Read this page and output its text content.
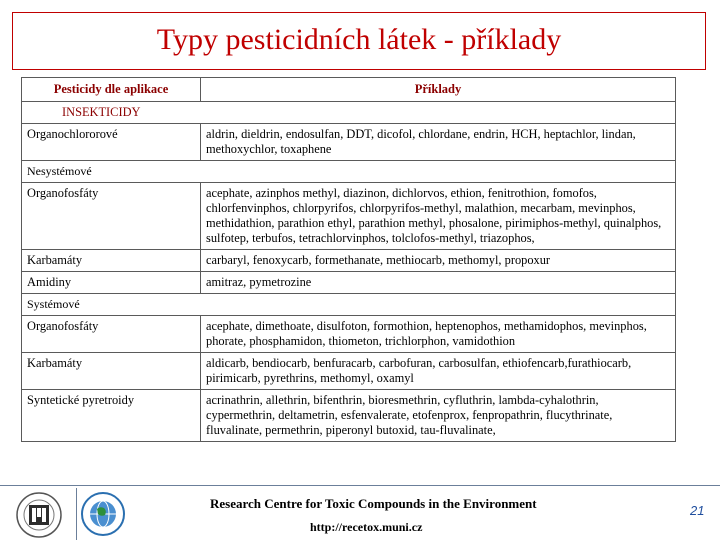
Typy pesticidních látek - příklady
Pesticidy dle aplikace	Příklady
INSEKTICIDY	
Organochlororové	aldrin, dieldrin, endosulfan, DDT, dicofol, chlordane, endrin, HCH, heptachlor, lindan, methoxychlor, toxaphene
Nesystémové	
Organofosfáty	acephate, azinphos methyl, diazinon, dichlorvos, ethion, fenitrothion, fomofos, chlorfenvinphos, chlorpyrifos, chlorpyrifos-methyl, malathion, mecarbam, mevinphos, methidathion, parathion ethyl, parathion methyl, phosalone, pirimiphos-methyl, quinalphos, sulfotep, terbufos, tetrachlorvinphos, tolclofos-methyl, triazophos,
Karbamáty	carbaryl, fenoxycarb, formethanate, methiocarb, methomyl, propoxur
Amidiny	amitraz, pymetrozine
Systémové	
Organofosfáty	acephate, dimethoate, disulfoton, formothion, heptenophos, methamidophos, mevinphos, phorate, phosphamidon, thiometon, trichlorphon, vamidothion
Karbamáty	aldicarb, bendiocarb, benfuracarb, carbofuran, carbosulfan, ethiofencarb,furathiocarb, pirimicarb, pyrethrins, methomyl, oxamyl
Syntetické pyretroidy	acrinathrin, allethrin, bifenthrin, bioresmethrin, cyfluthrin, lambda-cyhalothrin, cypermethrin, deltametrin, esfenvalerate, etofenprox, fenpropathrin, flucythrinate, fluvalinate, permethrin, piperonyl butoxid, tau-fluvalinate,
Research Centre for Toxic Compounds in the Environment
http://recetox.muni.cz
21
